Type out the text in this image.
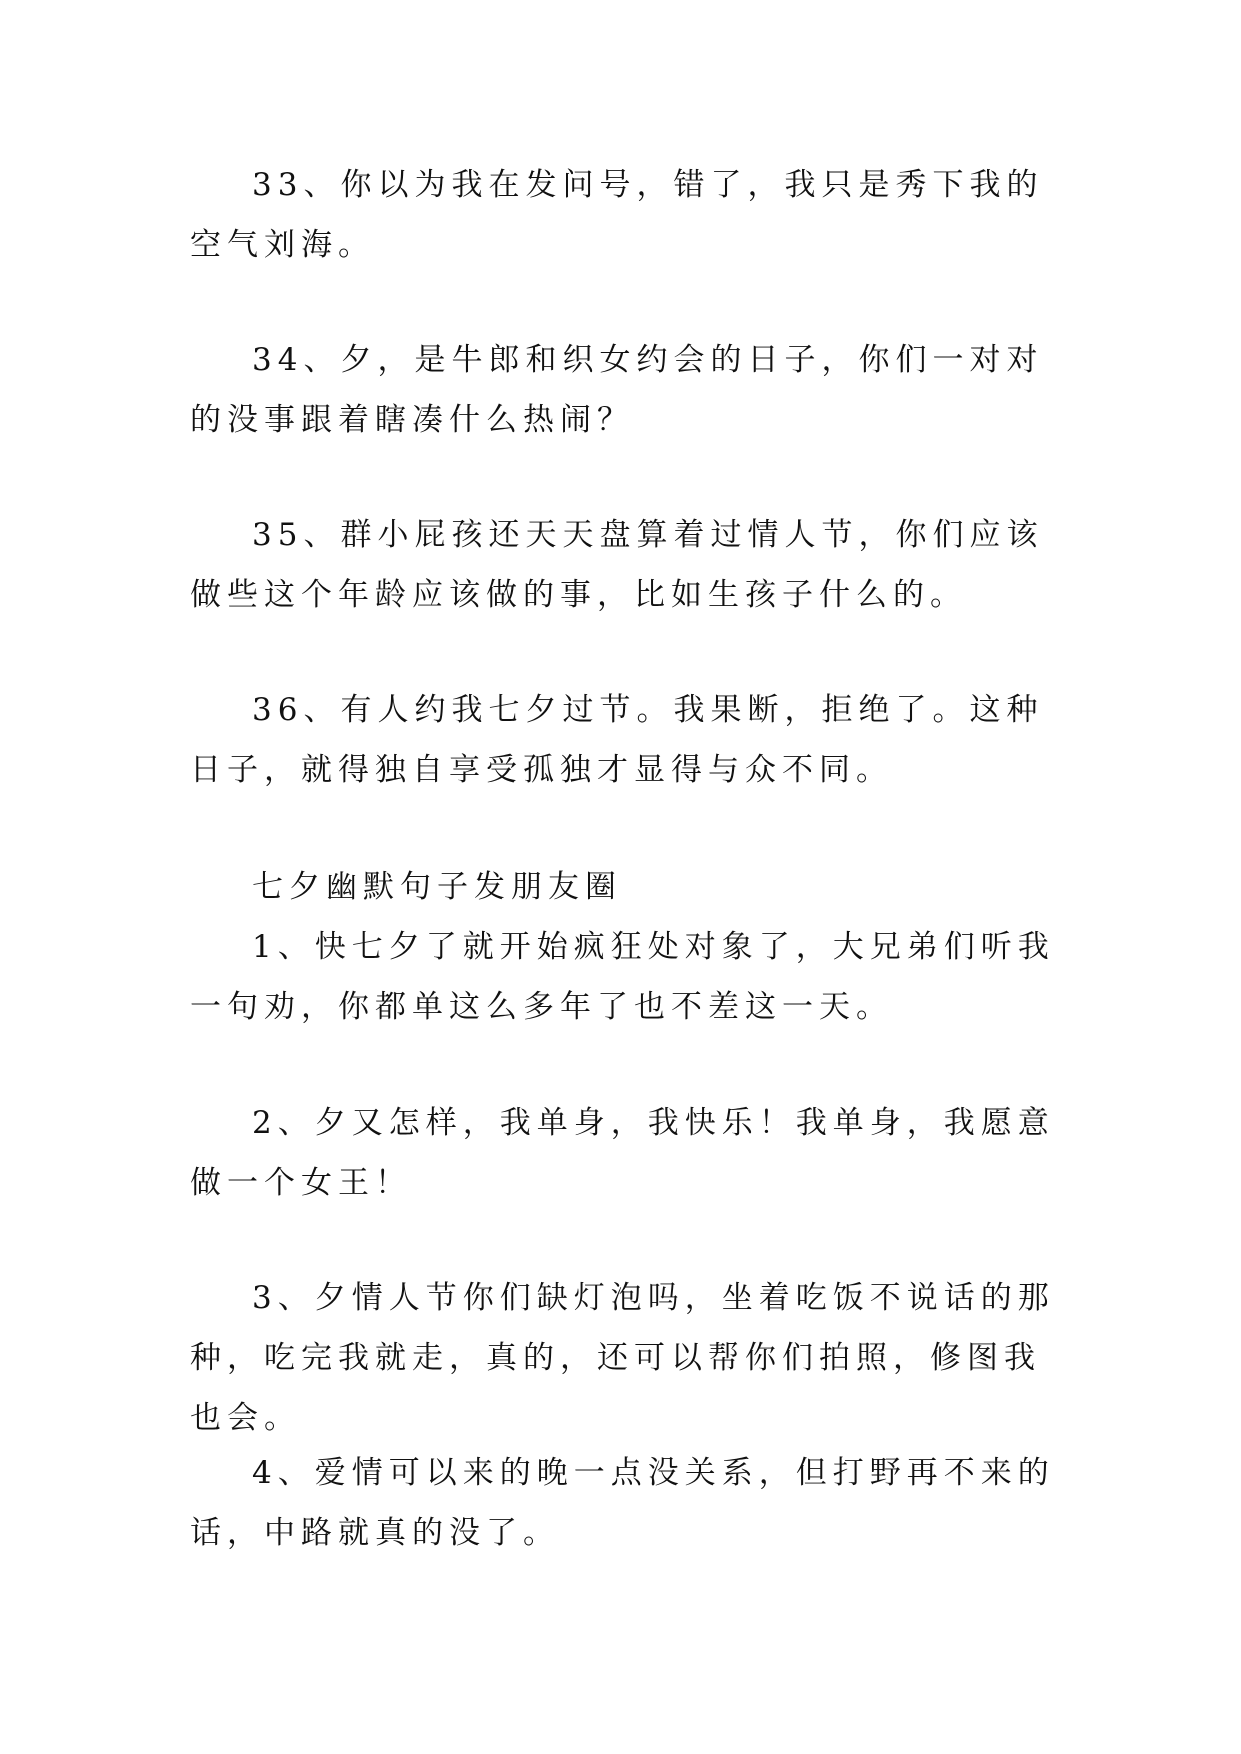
33、你以为我在发问号，错了，我只是秀下我的空气刘海。

34、夕，是牛郎和织女约会的日子，你们一对对的没事跟着瞎凑什么热闹？

35、群小屁孩还天天盘算着过情人节，你们应该做些这个年龄应该做的事，比如生孩子什么的。

36、有人约我七夕过节。我果断，拒绝了。这种日子，就得独自享受孤独才显得与众不同。

七夕幽默句子发朋友圈

1、快七夕了就开始疯狂处对象了，大兄弟们听我一句劝，你都单这么多年了也不差这一天。

2、夕又怎样，我单身，我快乐！我单身，我愿意做一个女王！

3、夕情人节你们缺灯泡吗，坐着吃饭不说话的那种，吃完我就走，真的，还可以帮你们拍照，修图我也会。

4、爱情可以来的晚一点没关系，但打野再不来的话，中路就真的没了。
